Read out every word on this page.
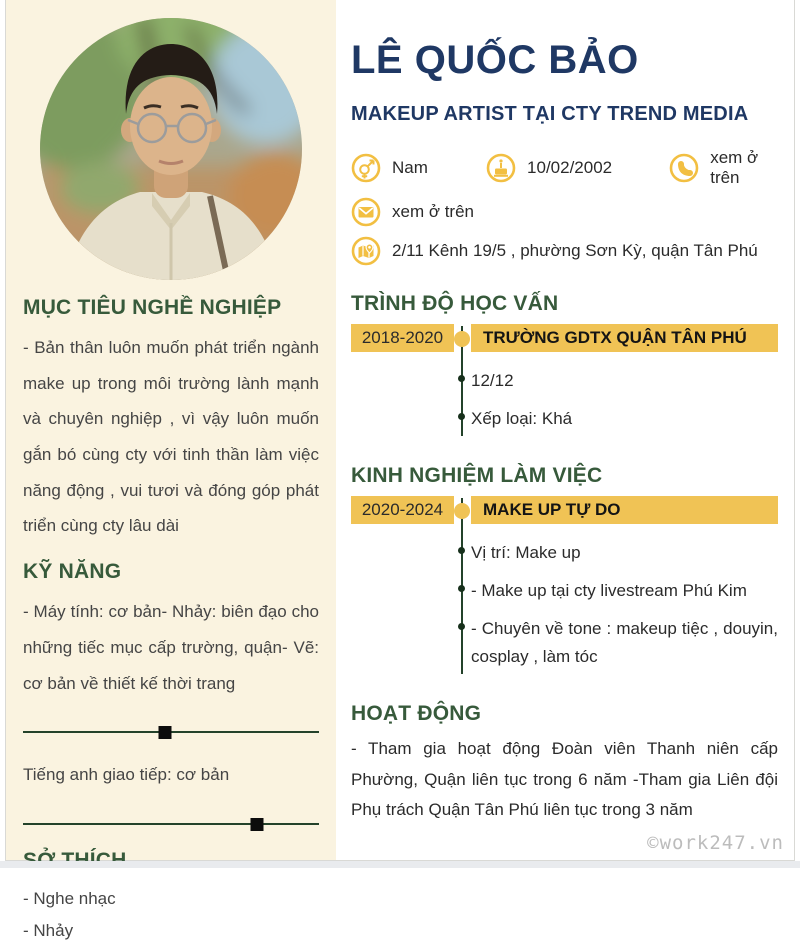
MỤC TIÊU NGHỀ NGHIỆP

- Bản thân luôn muốn phát triển ngành make up trong môi trường lành mạnh và chuyên nghiệp , vì vậy luôn muốn gắn bó cùng cty với tinh thần làm việc năng động , vui tươi và đóng góp phát triển cùng cty lâu dài

KỸ NĂNG

- Máy tính: cơ bản- Nhảy: biên đạo cho những tiếc mục cấp trường, quận- Vẽ: cơ bản về thiết kế thời trang

Tiếng anh giao tiếp: cơ bản

- Nghe nhạc

- Nhảy

LÊ QUỐC BẢO
MAKEUP ARTIST TẠI CTY TREND MEDIA
Nam	10/02/2002
xem ở trên
xem ở trên
2/11 Kênh 19/5 , phường Sơn Kỳ, quận Tân Phú
TRÌNH ĐỘ HỌC VẤN
2018-2020	TRƯỜNG GDTX QUẬN TÂN PHÚ
12/12
Xếp loại: Khá
KINH NGHIỆM LÀM VIỆC
2020-2024	MAKE UP TỰ DO
Vị trí: Make up
- Make up tại cty livestream Phú Kim
- Chuyên về tone : makeup tiệc , douyin, cosplay , làm tóc
HOẠT ĐỘNG

- Tham gia hoạt động Đoàn viên Thanh niên cấp Phường, Quận liên tục trong 6 năm -Tham gia Liên đội Phụ trách Quận Tân Phú liên tục trong 3 năm

©work247.vn
